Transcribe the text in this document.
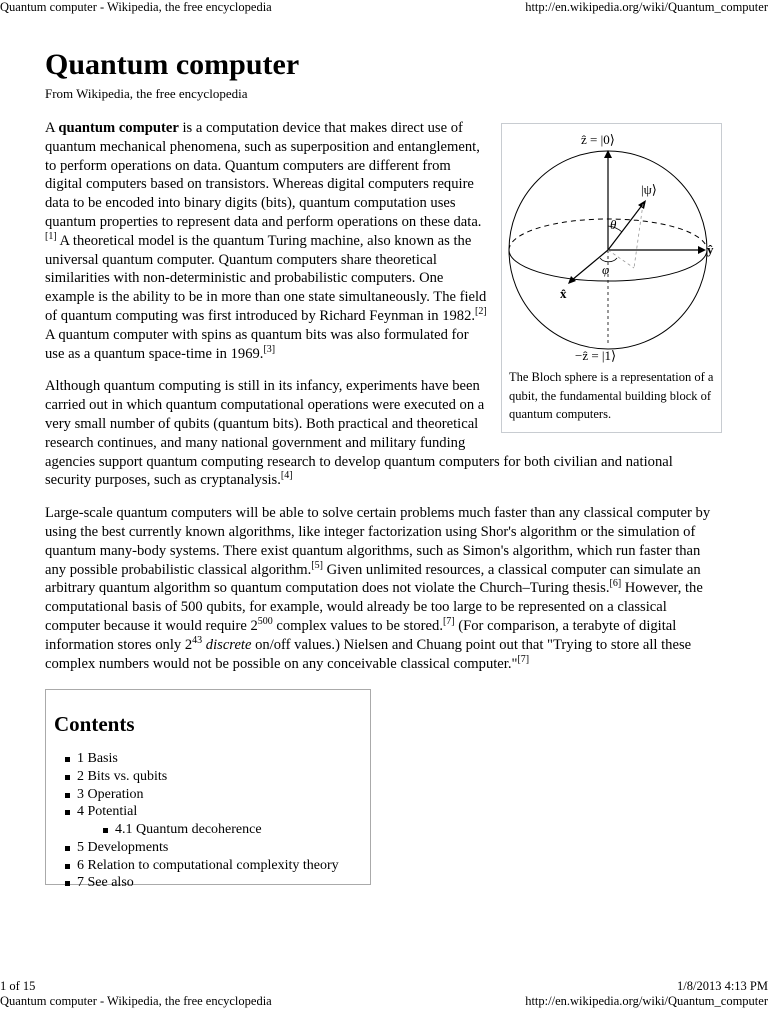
Quantum computer - Wikipedia, the free encyclopedia	http://en.wikipedia.org/wiki/Quantum_computer
Quantum computer
From Wikipedia, the free encyclopedia
ẑ = |0⟩
−ẑ = |1⟩
ŷ
x̂
|ψ⟩
θ
φ
The Bloch sphere is a representation of a qubit, the fundamental building block of quantum computers.

A quantum computer is a computation device that makes direct use of quantum mechanical phenomena, such as superposition and entanglement, to perform operations on data. Quantum computers are different from digital computers based on transistors. Whereas digital computers require data to be encoded into binary digits (bits), quantum computation uses quantum properties to represent data and perform operations on these data.[1] A theoretical model is the quantum Turing machine, also known as the universal quantum computer. Quantum computers share theoretical similarities with non-deterministic and probabilistic computers. One example is the ability to be in more than one state simultaneously. The field of quantum computing was first introduced by Richard Feynman in 1982.[2] A quantum computer with spins as quantum bits was also formulated for use as a quantum space-time in 1969.[3]

Although quantum computing is still in its infancy, experiments have been carried out in which quantum computational operations were executed on a very small number of qubits (quantum bits). Both practical and theoretical research continues, and many national government and military funding agencies support quantum computing research to develop quantum computers for both civilian and national security purposes, such as cryptanalysis.[4]

Large-scale quantum computers will be able to solve certain problems much faster than any classical computer by using the best currently known algorithms, like integer factorization using Shor's algorithm or the simulation of quantum many-body systems. There exist quantum algorithms, such as Simon's algorithm, which run faster than any possible probabilistic classical algorithm.[5] Given unlimited resources, a classical computer can simulate an arbitrary quantum algorithm so quantum computation does not violate the Church–Turing thesis.[6] However, the computational basis of 500 qubits, for example, would already be too large to be represented on a classical computer because it would require $2^{500}$ complex values to be stored.[7] (For comparison, a terabyte of digital information stores only $2^{43}$ discrete on/off values.) Nielsen and Chuang point out that "Trying to store all these complex numbers would not be possible on any conceivable classical computer."[7]

Contents
1 Basis
2 Bits vs. qubits
3 Operation
4 Potential
4.1 Quantum decoherence
5 Developments
6 Relation to computational complexity theory
7 See also
1 of 15	1/8/2013 4:13 PM
Quantum computer - Wikipedia, the free encyclopedia	http://en.wikipedia.org/wiki/Quantum_computer
